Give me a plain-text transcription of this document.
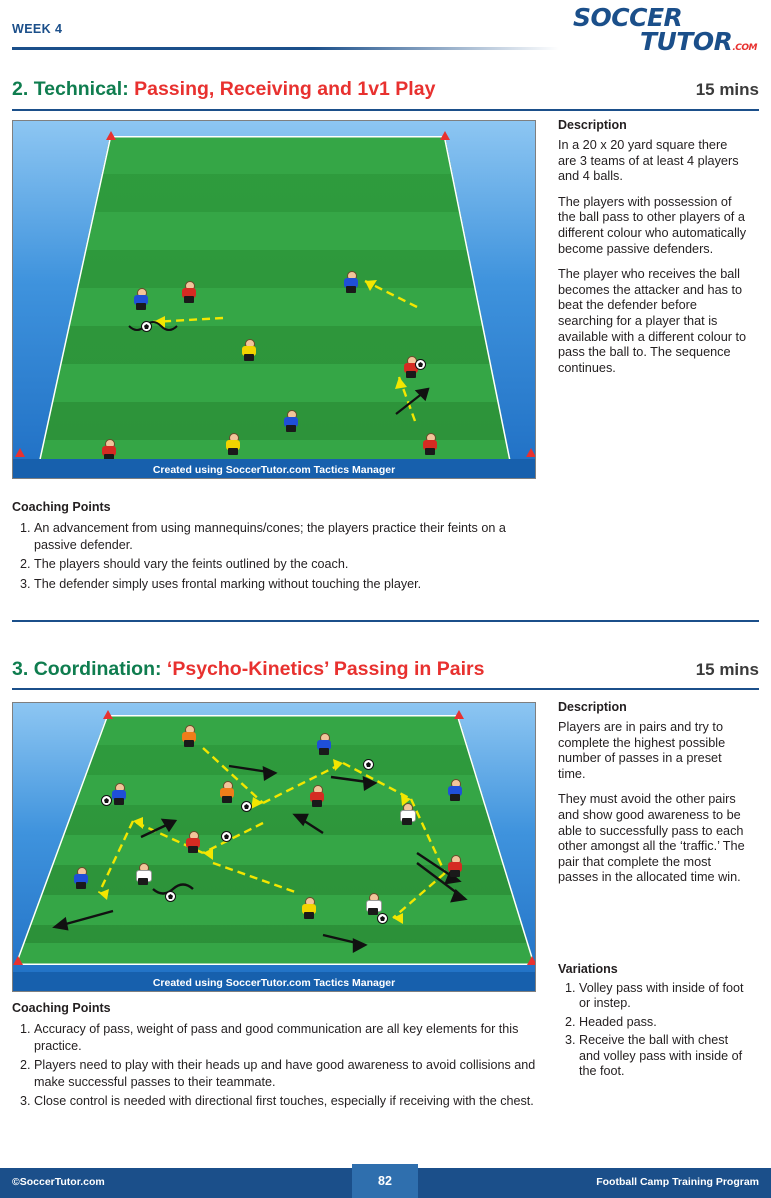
WEEK 4	SOCCER
TUTOR.COM
2. Technical: Passing, Receiving and 1v1 Play	15 mins
Created using SoccerTutor.com Tactics Manager
Description

In a 20 x 20 yard square there are 3 teams of at least 4 players and 4 balls.

The players with possession of the ball pass to other players of a different colour who automatically become passive defenders.

The player who receives the ball becomes the attacker and has to beat the defender before searching for a player that is available with a different colour to pass the ball to. The sequence continues.

Coaching Points
1. An advancement from using mannequins/cones; the players practice their feints on a passive defender.
2. The players should vary the feints outlined by the coach.
3. The defender simply uses frontal marking without touching the player.
3. Coordination: ‘Psycho-Kinetics’ Passing in Pairs	15 mins
Created using SoccerTutor.com Tactics Manager
Description

Players are in pairs and try to complete the highest possible number of passes in a preset time.

They must avoid the other pairs and show good awareness to be able to successfully pass to each other amongst all the ‘traffic.’ The pair that complete the most passes in the allocated time win.

Variations
1. Volley pass with inside of foot or instep.
2. Headed pass.
3. Receive the ball with chest and volley pass with inside of the foot.
Coaching Points
1. Accuracy of pass, weight of pass and good communication are all key elements for this practice.
2. Players need to play with their heads up and have good awareness to avoid collisions and make successful passes to their teammate.
3. Close control is needed with directional first touches, especially if receiving with the chest.
©SoccerTutor.com	82	Football Camp Training Program
